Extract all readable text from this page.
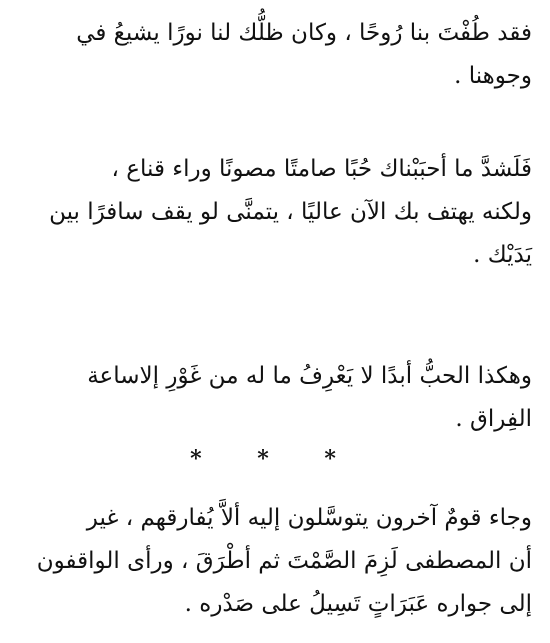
فقد طُفْتَ بنا رُوحًا ، وكان ظلُّك لنا نورًا يشيعُ في
وجوهنا .

فَلَشدَّ ما أحبَبْناك حُبًا صامتًا مصونًا وراء قناع ،
ولكنه يهتف بك الآن عاليًا ، يتمنَّى لو يقف سافرًا بين
يَدَيْك .

وهكذا الحبُّ أبدًا لا يَعْرِفُ ما له من غَوْرِ إلاساعة
الفِراق .

* * *

وجاء قومٌ آخرون يتوسَّلون إليه ألاَّ يُفارقهم ، غير
أن المصطفى لَزِمَ الصَّمْتَ ثم أطْرَقَ ، ورأى الواقفون
إلى جواره عَبَرَاتٍ تَسِيلُ على صَدْره .
